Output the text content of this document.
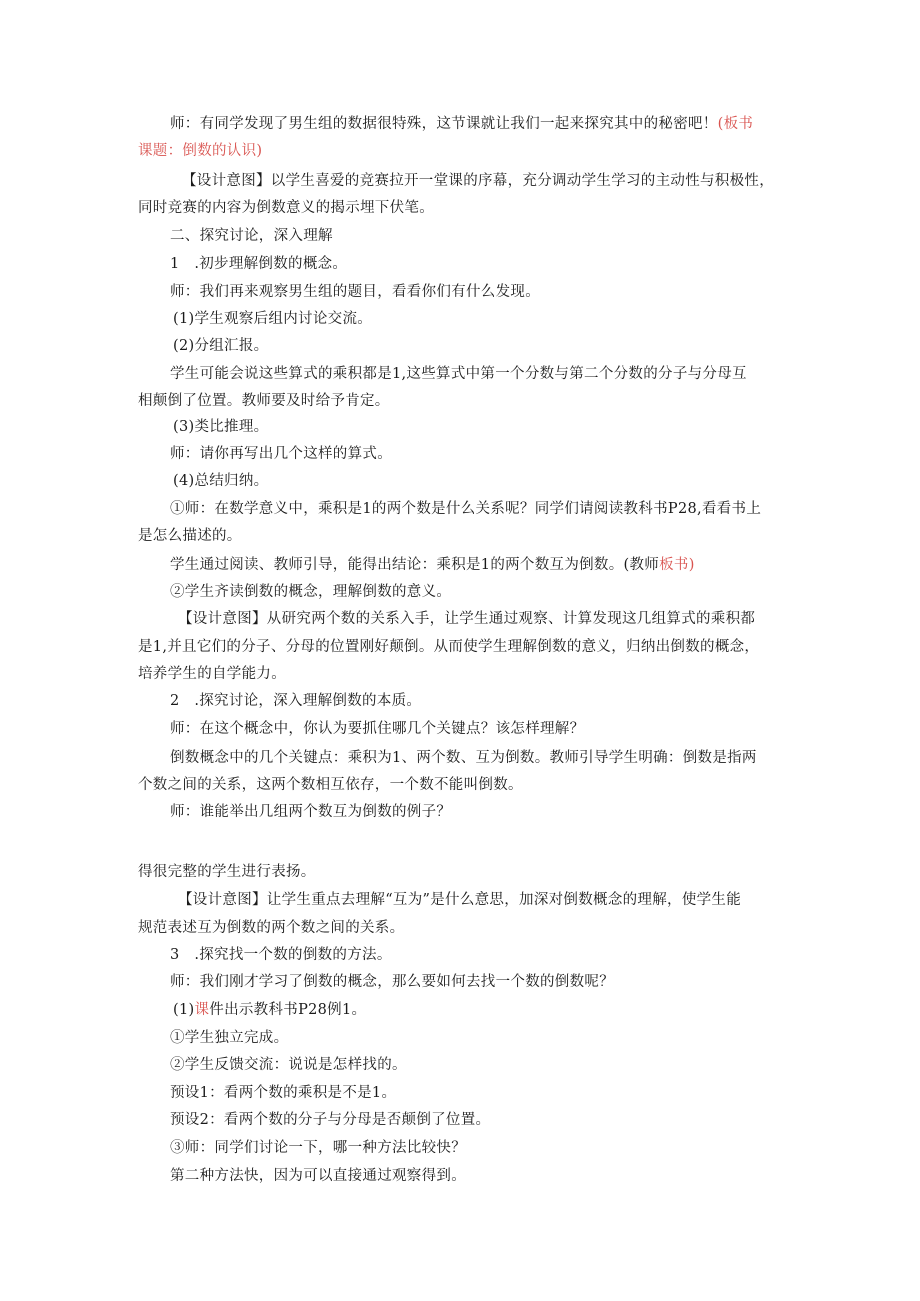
师：有同学发现了男生组的数据很特殊，这节课就让我们一起来探究其中的秘密吧！(板书
课题：倒数的认识)
【设计意图】以学生喜爱的竞赛拉开一堂课的序幕，充分调动学生学习的主动性与积极性，
同时竞赛的内容为倒数意义的揭示埋下伏笔。
二、探究讨论，深入理解
1　.初步理解倒数的概念。
师：我们再来观察男生组的题目，看看你们有什么发现。
(1)学生观察后组内讨论交流。
(2)分组汇报。
学生可能会说这些算式的乘积都是1,这些算式中第一个分数与第二个分数的分子与分母互
相颠倒了位置。教师要及时给予肯定。
(3)类比推理。
师：请你再写出几个这样的算式。
(4)总结归纳。
①师：在数学意义中，乘积是1的两个数是什么关系呢？同学们请阅读教科书P28,看看书上
是怎么描述的。
学生通过阅读、教师引导，能得出结论：乘积是1的两个数互为倒数。(教师板书)
②学生齐读倒数的概念，理解倒数的意义。
【设计意图】从研究两个数的关系入手，让学生通过观察、计算发现这几组算式的乘积都
是1,并且它们的分子、分母的位置刚好颠倒。从而使学生理解倒数的意义，归纳出倒数的概念，
培养学生的自学能力。
2　.探究讨论，深入理解倒数的本质。
师：在这个概念中，你认为要抓住哪几个关键点？该怎样理解？
倒数概念中的几个关键点：乘积为1、两个数、互为倒数。教师引导学生明确：倒数是指两
个数之间的关系，这两个数相互依存，一个数不能叫倒数。
师：谁能举出几组两个数互为倒数的例子？
得很完整的学生进行表扬。
【设计意图】让学生重点去理解“互为”是什么意思，加深对倒数概念的理解，使学生能
规范表述互为倒数的两个数之间的关系。
3　.探究找一个数的倒数的方法。
师：我们刚才学习了倒数的概念，那么要如何去找一个数的倒数呢？
(1)课件出示教科书P28例1。
①学生独立完成。
②学生反馈交流：说说是怎样找的。
预设1：看两个数的乘积是不是1。
预设2：看两个数的分子与分母是否颠倒了位置。
③师：同学们讨论一下，哪一种方法比较快？
第二种方法快，因为可以直接通过观察得到。
